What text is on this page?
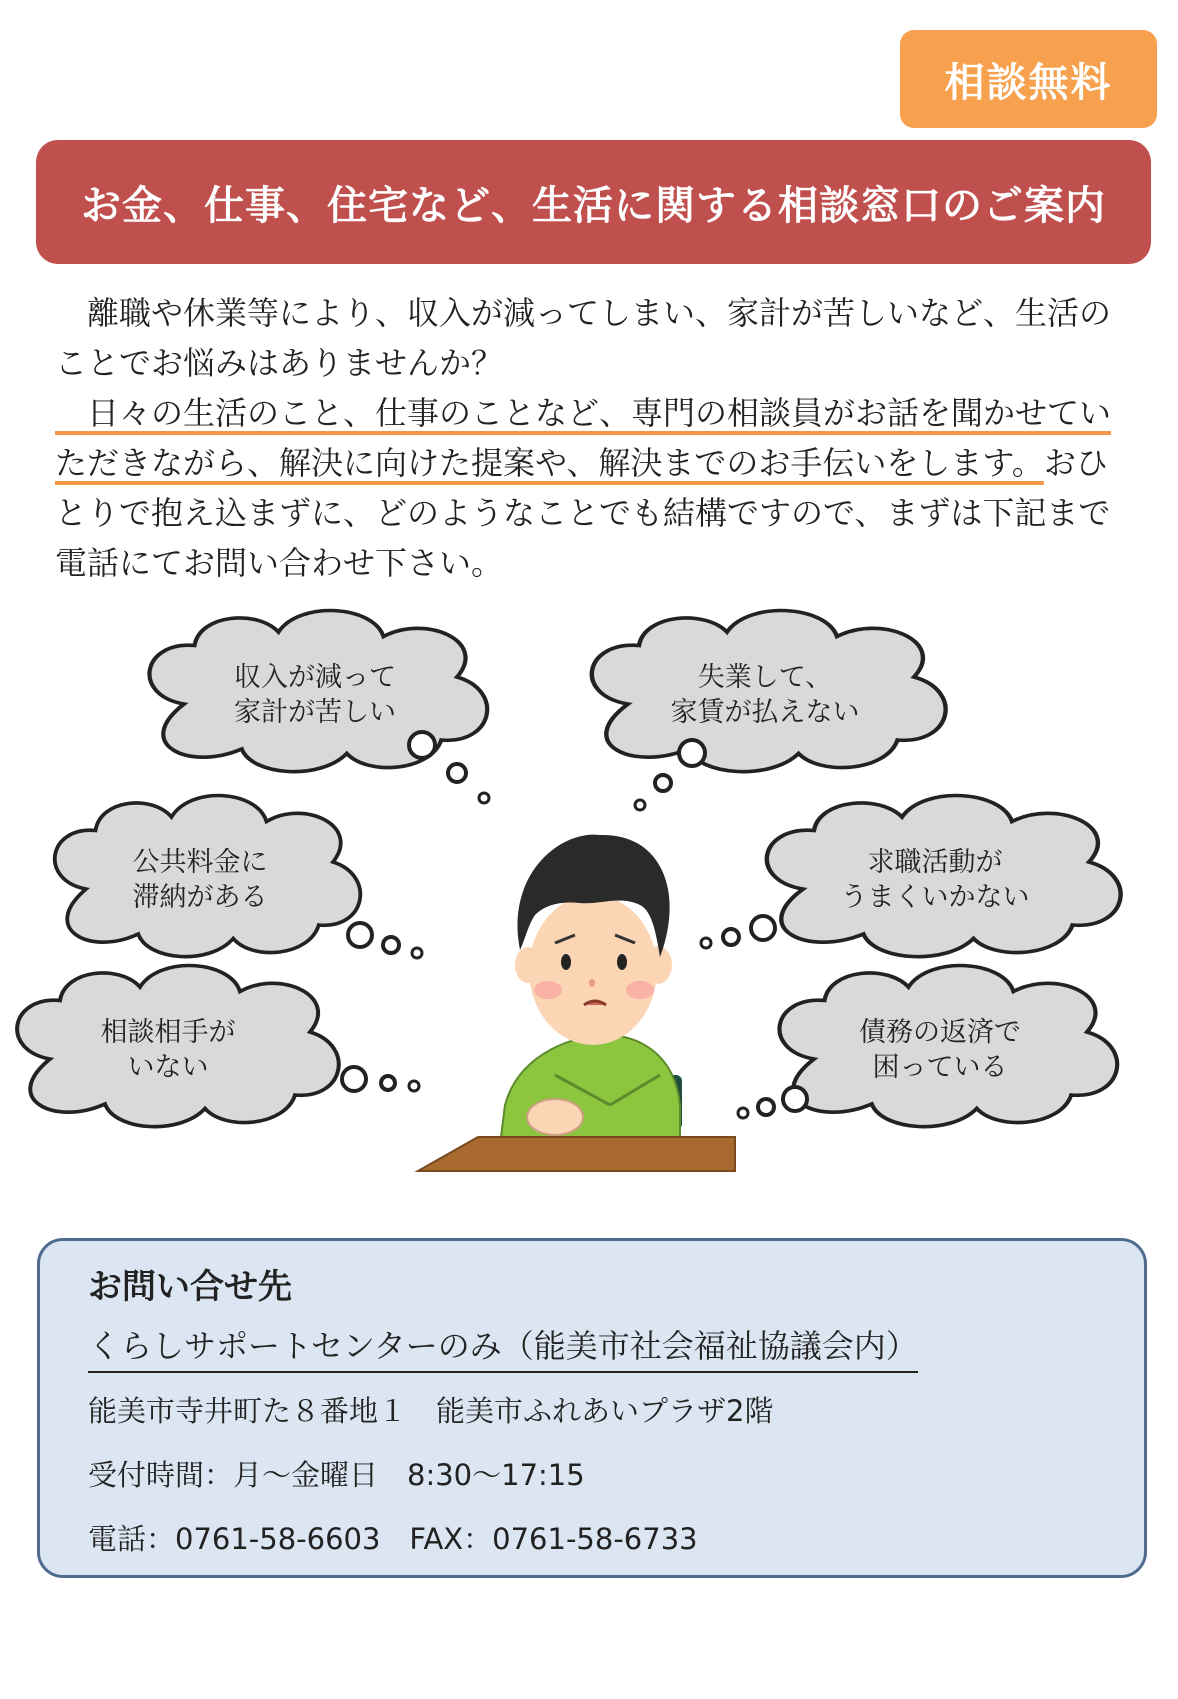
相談無料
お金、仕事、住宅など、生活に関する相談窓口のご案内

　離職や休業等により、収入が減ってしまい、家計が苦しいなど、生活のことでお悩みはありませんか？

　日々の生活のこと、仕事のことなど、専門の相談員がお話を聞かせていただきながら、解決に向けた提案や、解決までのお手伝いをします。おひとりで抱え込まずに、どのようなことでも結構ですので、まずは下記まで電話にてお問い合わせ下さい。

収入が減って
家計が苦しい
失業して、
家賃が払えない
公共料金に
滞納がある
求職活動が
うまくいかない
相談相手が
いない
債務の返済で
困っている
お問い合せ先
くらしサポートセンターのみ（能美市社会福祉協議会内）
能美市寺井町た８番地１　能美市ふれあいプラザ2階
受付時間：月～金曜日　8:30～17:15
電話：0761-58-6603　FAX：0761-58-6733
